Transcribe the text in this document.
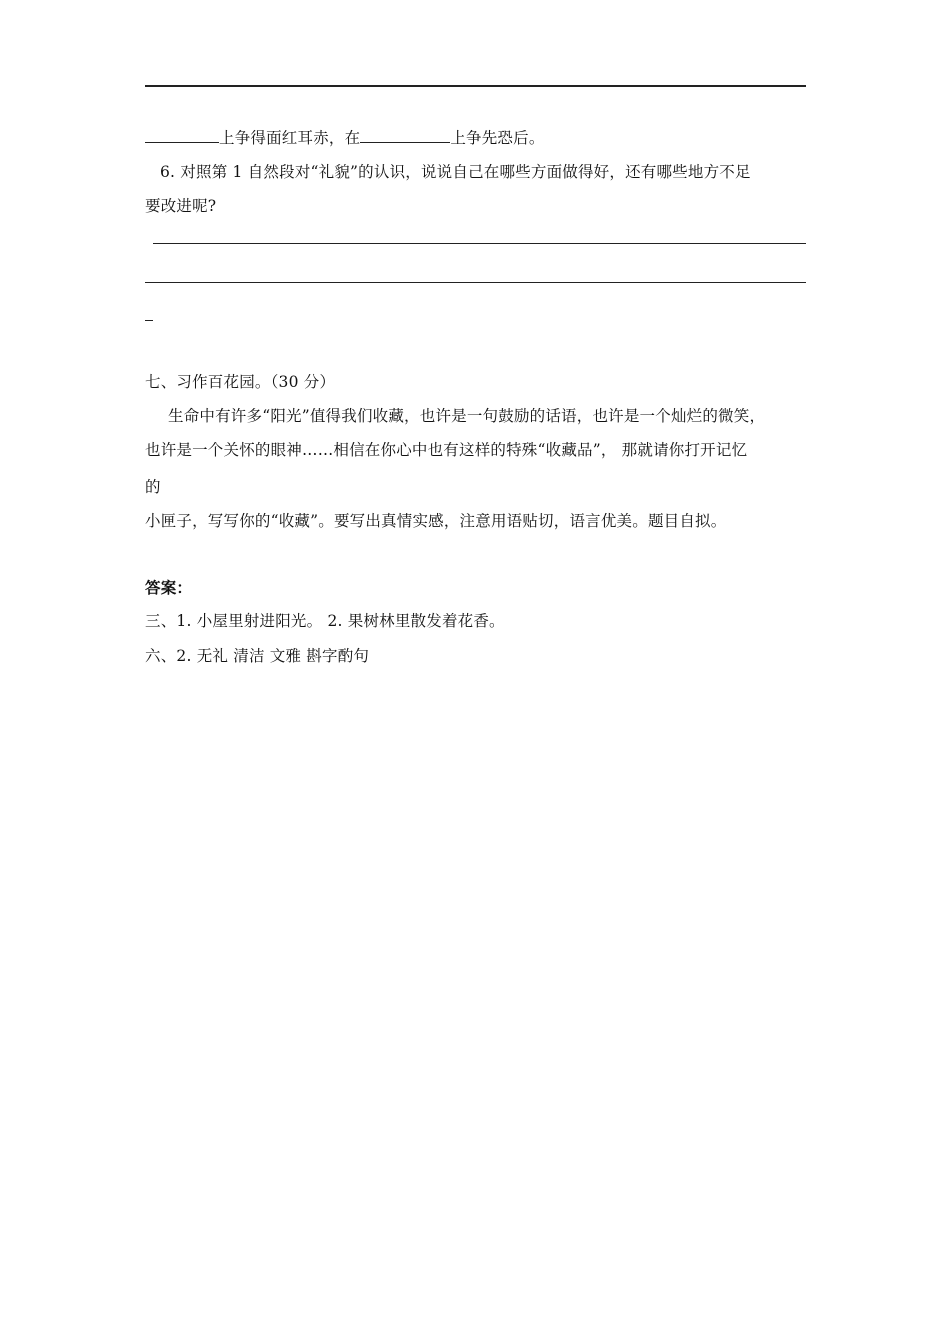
上争得面红耳赤，在	上争先恐后。
6. 对照第 1 自然段对“礼貌”的认识，说说自己在哪些方面做得好，还有哪些地方不足
要改进呢?
七、习作百花园。（30 分）
生命中有许多“阳光”值得我们收藏，也许是一句鼓励的话语，也许是一个灿烂的微笑，
也许是一个关怀的眼神……相信在你心中也有这样的特殊“收藏品”， 那就请你打开记忆
的
小匣子，写写你的“收藏”。要写出真情实感，注意用语贴切，语言优美。题目自拟。
答案：
三、1. 小屋里射进阳光。 2. 果树林里散发着花香。
六、2. 无礼 清洁 文雅 斟字酌句
